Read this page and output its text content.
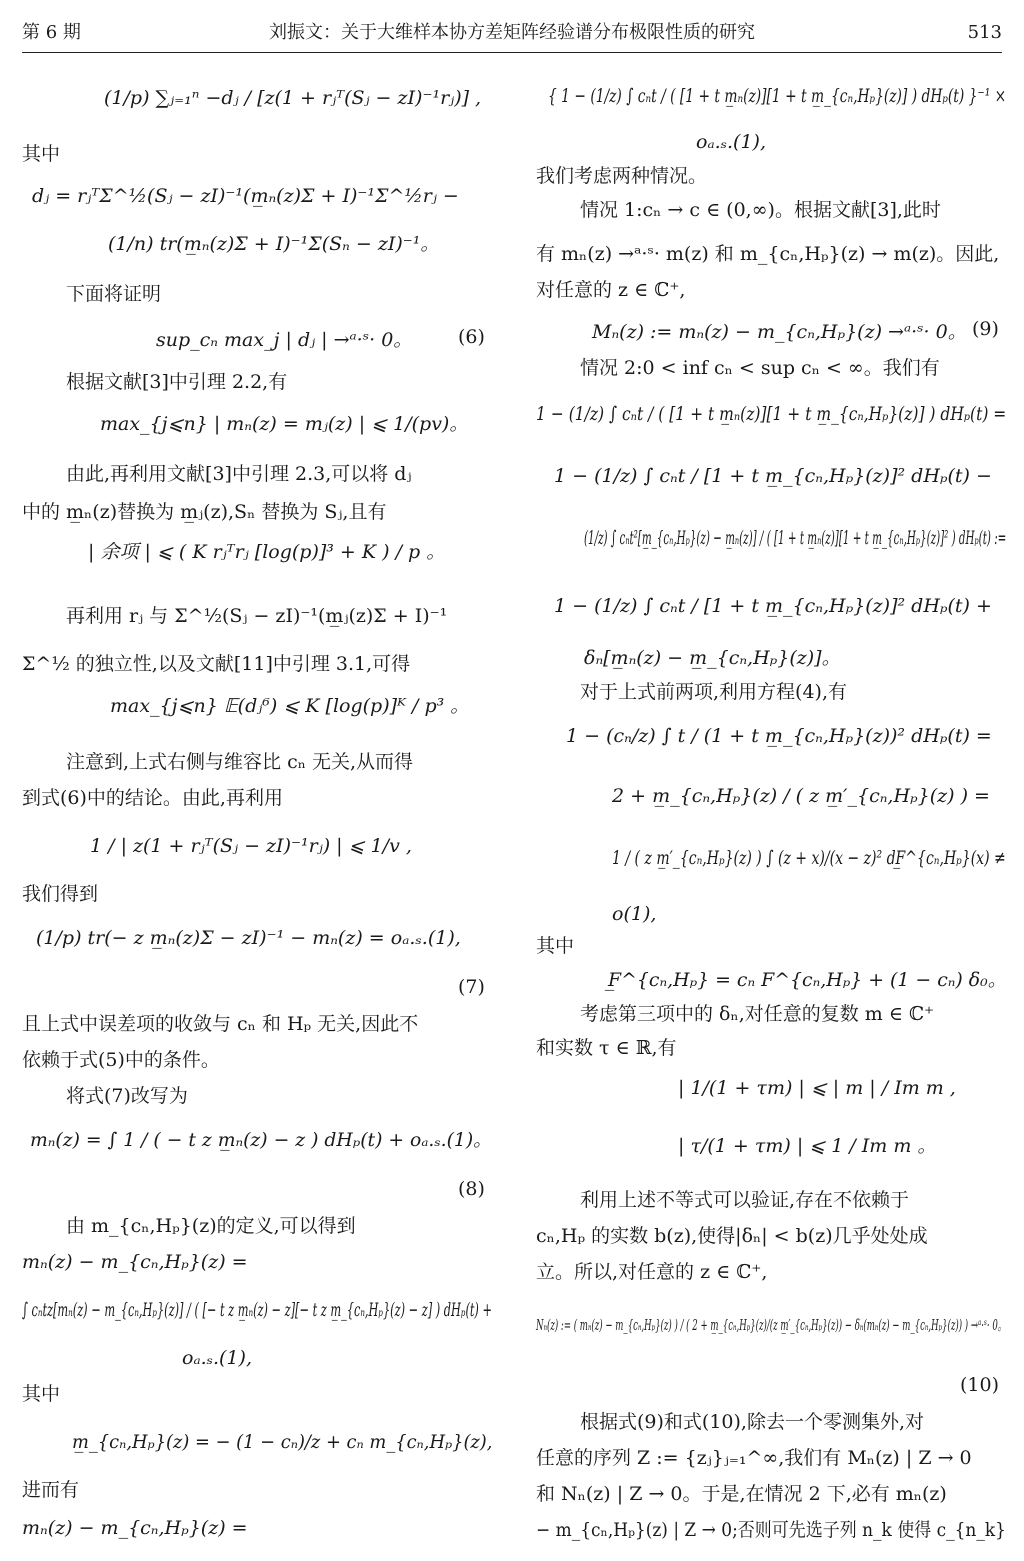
第 6 期	刘振文：关于大维样本协方差矩阵经验谱分布极限性质的研究	513
(1/p) ∑ⱼ₌₁ⁿ −dⱼ / [z(1 + rⱼᵀ(Sⱼ − zI)⁻¹rⱼ)] ,
其中
dⱼ = rⱼᵀΣ^½(Sⱼ − zI)⁻¹(m̲ₙ(z)Σ + I)⁻¹Σ^½rⱼ −
(1/n) tr(m̲ₙ(z)Σ + I)⁻¹Σ(Sₙ − zI)⁻¹。
下面将证明
sup_cₙ max_j | dⱼ | →ᵃ·ˢ· 0。 (6)
根据文献[3]中引理 2.2,有
max_{j⩽n} | mₙ(z) = mⱼ(z) | ⩽ 1/(pv)。
由此,再利用文献[3]中引理 2.3,可以将 dⱼ
中的 m̲ₙ(z)替换为 m̲ⱼ(z),Sₙ 替换为 Sⱼ,且有
| 余项 | ⩽ ( K rⱼᵀrⱼ [log(p)]³ + K ) / p 。
再利用 rⱼ 与 Σ^½(Sⱼ − zI)⁻¹(m̲ⱼ(z)Σ + I)⁻¹
Σ^½ 的独立性,以及文献[11]中引理 3.1,可得
max_{j⩽n} 𝔼(dⱼ⁶) ⩽ K [log(p)]ᴷ / p³ 。
注意到,上式右侧与维容比 cₙ 无关,从而得
到式(6)中的结论。由此,再利用
1 / | z(1 + rⱼᵀ(Sⱼ − zI)⁻¹rⱼ) | ⩽ 1/v ,
我们得到
(1/p) tr(− z m̲ₙ(z)Σ − zI)⁻¹ − mₙ(z) = oₐ.ₛ.(1),
(7)
且上式中误差项的收敛与 cₙ 和 Hₚ 无关,因此不
依赖于式(5)中的条件。
将式(7)改写为
mₙ(z) = ∫ 1 / ( − t z m̲ₙ(z) − z ) dHₚ(t) + oₐ.ₛ.(1)。
(8)
由 m_{cₙ,Hₚ}(z)的定义,可以得到
mₙ(z) − m_{cₙ,Hₚ}(z) =
∫ cₙtz[mₙ(z) − m_{cₙ,Hₚ}(z)] / ( [− t z m̲ₙ(z) − z][− t z m̲_{cₙ,Hₚ}(z) − z] ) dHₚ(t) +
oₐ.ₛ.(1),
其中
m̲_{cₙ,Hₚ}(z) = − (1 − cₙ)/z + cₙ m_{cₙ,Hₚ}(z),
进而有
mₙ(z) − m_{cₙ,Hₚ}(z) =
{ 1 − (1/z) ∫ cₙt / ( [1 + t m̲ₙ(z)][1 + t m̲_{cₙ,Hₚ}(z)] ) dHₚ(t) }⁻¹ ×
oₐ.ₛ.(1),
我们考虑两种情况。
情况 1:cₙ → c ∈ (0,∞)。根据文献[3],此时
有 mₙ(z) →ᵃ·ˢ· m(z) 和 m_{cₙ,Hₚ}(z) → m(z)。因此,
对任意的 z ∈ ℂ⁺,
Mₙ(z) := mₙ(z) − m_{cₙ,Hₚ}(z) →ᵃ·ˢ· 0。 (9)
情况 2:0 < inf cₙ < sup cₙ < ∞。我们有
1 − (1/z) ∫ cₙt / ( [1 + t m̲ₙ(z)][1 + t m̲_{cₙ,Hₚ}(z)] ) dHₚ(t) =
1 − (1/z) ∫ cₙt / [1 + t m̲_{cₙ,Hₚ}(z)]² dHₚ(t) −
(1/z) ∫ cₙt²[m̲_{cₙ,Hₚ}(z) − m̲ₙ(z)] / ( [1 + t m̲ₙ(z)][1 + t m̲_{cₙ,Hₚ}(z)]² ) dHₚ(t) :=
1 − (1/z) ∫ cₙt / [1 + t m̲_{cₙ,Hₚ}(z)]² dHₚ(t) +
δₙ[m̲ₙ(z) − m̲_{cₙ,Hₚ}(z)]。
对于上式前两项,利用方程(4),有
1 − (cₙ/z) ∫ t / (1 + t m̲_{cₙ,Hₚ}(z))² dHₚ(t) =
2 + m̲_{cₙ,Hₚ}(z) / ( z m̲′_{cₙ,Hₚ}(z) ) =
1 / ( z m̲′_{cₙ,Hₚ}(z) ) ∫ (z + x)/(x − z)² dF̲^{cₙ,Hₚ}(x) ≠
o(1),
其中
F̲^{cₙ,Hₚ} = cₙ F^{cₙ,Hₚ} + (1 − cₙ) δ₀。
考虑第三项中的 δₙ,对任意的复数 m ∈ ℂ⁺
和实数 τ ∈ ℝ,有
| 1/(1 + τm) | ⩽ | m | / Im m ,
| τ/(1 + τm) | ⩽ 1 / Im m 。
利用上述不等式可以验证,存在不依赖于
cₙ,Hₚ 的实数 b(z),使得|δₙ| < b(z)几乎处处成
立。所以,对任意的 z ∈ ℂ⁺,
Nₙ(z) := ( mₙ(z) − m_{cₙ,Hₚ}(z) ) / ( 2 + m̲_{cₙ,Hₚ}(z)/(z m̲′_{cₙ,Hₚ}(z)) − δₙ(mₙ(z) − m_{cₙ,Hₚ}(z)) ) →ᵃ·ˢ· 0。
(10)
根据式(9)和式(10),除去一个零测集外,对
任意的序列 Z := {zⱼ}ⱼ₌₁^∞,我们有 Mₙ(z) | Z → 0
和 Nₙ(z) | Z → 0。于是,在情况 2 下,必有 mₙ(z)
− m_{cₙ,Hₚ}(z) | Z → 0;否则可先选子列 n_k 使得 c_{n_k}
